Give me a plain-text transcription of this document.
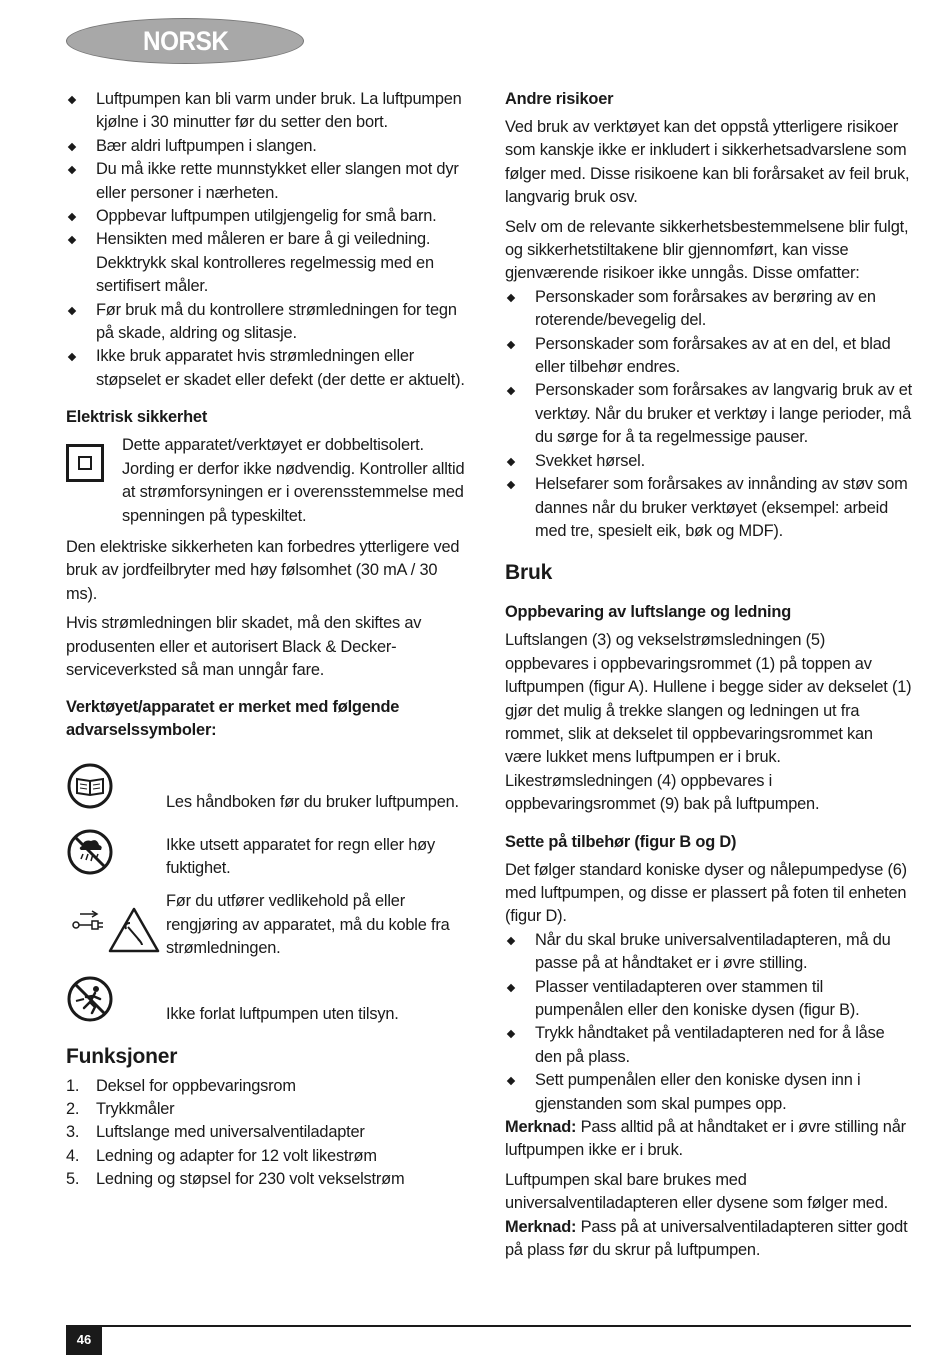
NORSK
Luftpumpen kan bli varm under bruk. La luftpumpen kjølne i 30 minutter før du setter den bort.
Bær aldri luftpumpen i slangen.
Du må ikke rette munnstykket eller slangen mot dyr eller personer i nærheten.
Oppbevar luftpumpen utilgjengelig for små barn.
Hensikten med måleren er bare å gi veiledning. Dekktrykk skal kontrolleres regelmessig med en sertifisert måler.
Før bruk må du kontrollere strømledningen for tegn på skade, aldring og slitasje.
Ikke bruk apparatet hvis strømledningen eller støpselet er skadet eller defekt (der dette er aktuelt).
Elektrisk sikkerhet
Dette apparatet/verktøyet er dobbeltisolert. Jording er derfor ikke nødvendig. Kontroller alltid at strømforsyningen er i overensstemmelse med spenningen på typeskiltet.

Den elektriske sikkerheten kan forbedres ytterligere ved bruk av jordfeilbryter med høy følsomhet (30 mA / 30 ms).

Hvis strømledningen blir skadet, må den skiftes av produsenten eller et autorisert Black & Decker-serviceverksted så man unngår fare.

Verktøyet/apparatet er merket med følgende advarselssymboler:
Les håndboken før du bruker luftpumpen.
Ikke utsett apparatet for regn eller høy fuktighet.
Før du utfører vedlikehold på eller rengjøring av apparatet, må du koble fra strømledningen.
Ikke forlat luftpumpen uten tilsyn.
Funksjoner
1. Deksel for oppbevaringsrom
2. Trykkmåler
3. Luftslange med universalventiladapter
4. Ledning og adapter for 12 volt likestrøm
5. Ledning og støpsel for 230 volt vekselstrøm
Andre risikoer

Ved bruk av verktøyet kan det oppstå ytterligere risikoer som kanskje ikke er inkludert i sikkerhetsadvarslene som følger med. Disse risikoene kan bli forårsaket av feil bruk, langvarig bruk osv.

Selv om de relevante sikkerhetsbestemmelsene blir fulgt, og sikkerhetstiltakene blir gjennomført, kan visse gjenværende risikoer ikke unngås. Disse omfatter:

Personskader som forårsakes av berøring av en roterende/bevegelig del.
Personskader som forårsakes av at en del, et blad eller tilbehør endres.
Personskader som forårsakes av langvarig bruk av et verktøy. Når du bruker et verktøy i lange perioder, må du sørge for å ta regelmessige pauser.
Svekket hørsel.
Helsefarer som forårsakes av innånding av støv som dannes når du bruker verktøyet (eksempel: arbeid med tre, spesielt eik, bøk og MDF).
Bruk
Oppbevaring av luftslange og ledning

Luftslangen (3) og vekselstrømsledningen (5) oppbevares i oppbevaringsrommet (1) på toppen av luftpumpen (figur A). Hullene i begge sider av dekselet (1) gjør det mulig å trekke slangen og ledningen ut fra rommet, slik at dekselet til oppbevaringsrommet kan være lukket mens luftpumpen er i bruk. Likestrømsledningen (4) oppbevares i oppbevaringsrommet (9) bak på luftpumpen.

Sette på tilbehør (figur B og D)

Det følger standard koniske dyser og nålepumpedyse (6) med luftpumpen, og disse er plassert på foten til enheten (figur D).

Når du skal bruke universalventiladapteren, må du passe på at håndtaket er i øvre stilling.
Plasser ventiladapteren over stammen til pumpenålen eller den koniske dysen (figur B).
Trykk håndtaket på ventiladapteren ned for å låse den på plass.
Sett pumpenålen eller den koniske dysen inn i gjenstanden som skal pumpes opp.

Merknad: Pass alltid på at håndtaket er i øvre stilling når luftpumpen ikke er i bruk.

Luftpumpen skal bare brukes med universalventiladapteren eller dysene som følger med.

Merknad: Pass på at universalventiladapteren sitter godt på plass før du skrur på luftpumpen.

46
